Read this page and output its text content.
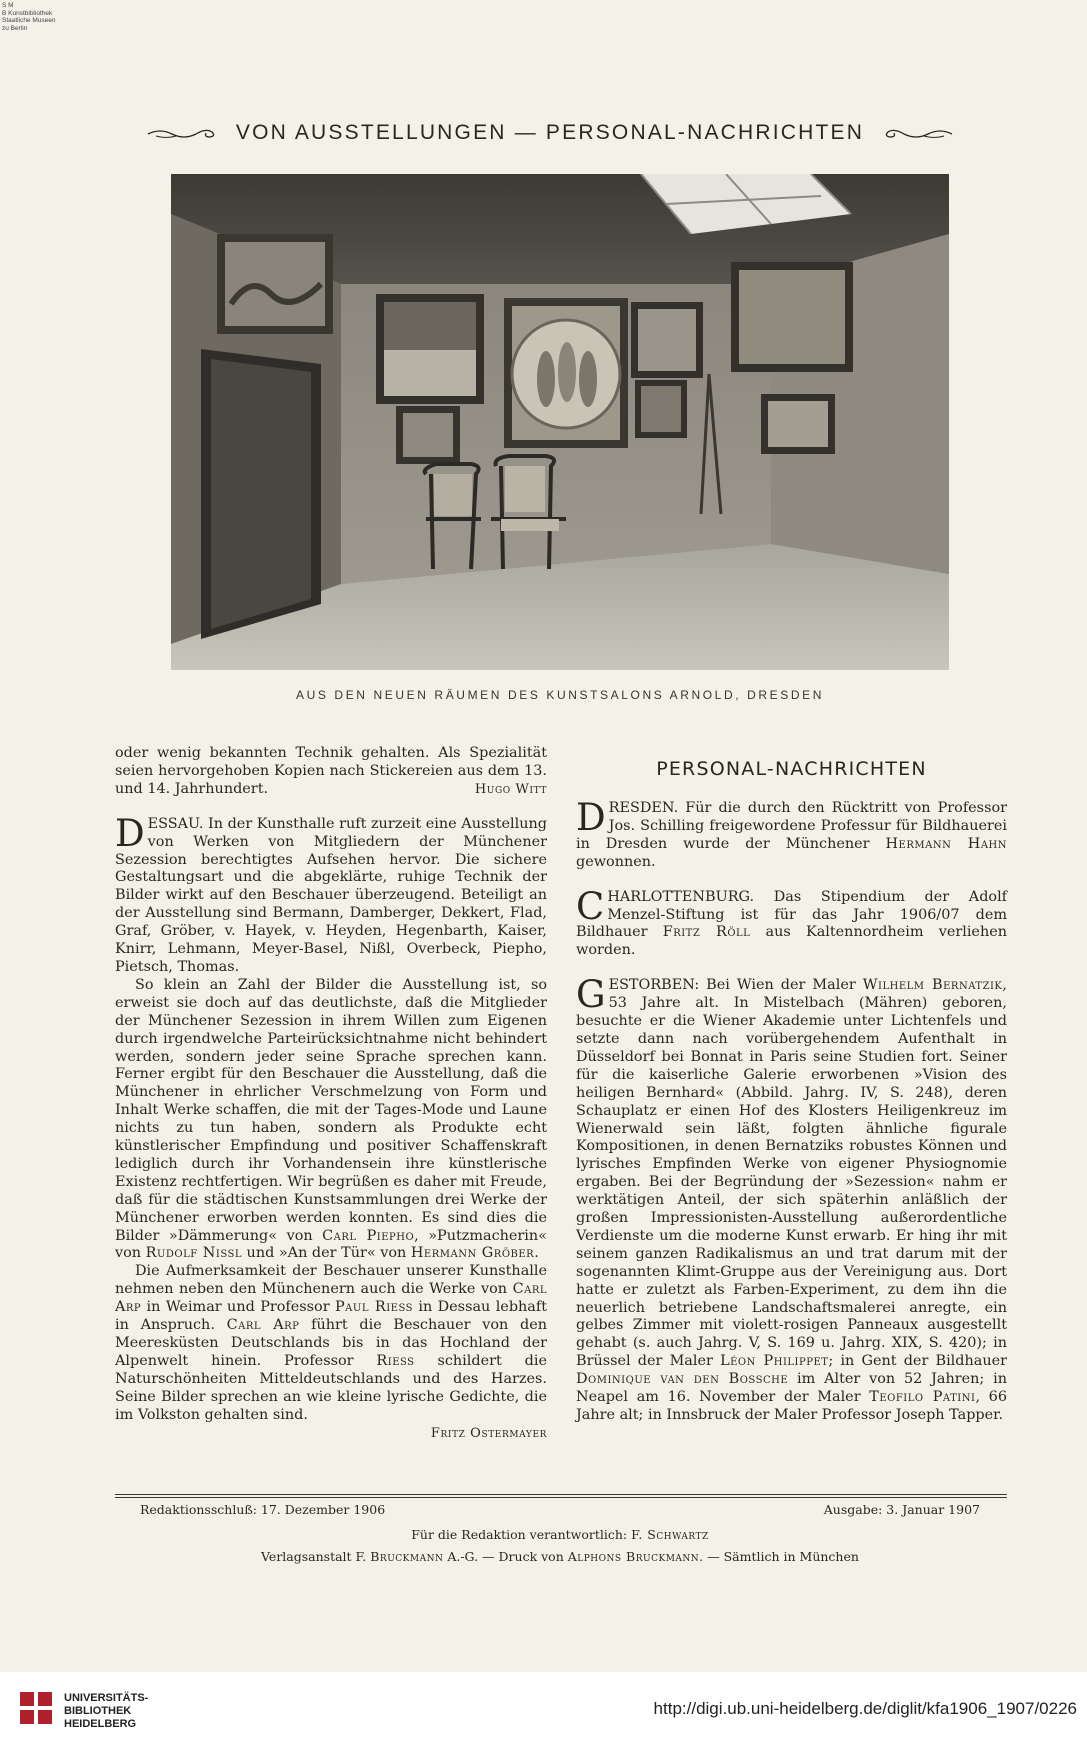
S M
B Kunstbibliothek
Staatliche Museen
zu Berlin
VON AUSSTELLUNGEN — PERSONAL-NACHRICHTEN
AUS DEN NEUEN RÄUMEN DES KUNSTSALONS ARNOLD, DRESDEN

oder wenig bekannten Technik gehalten. Als Spezialität seien hervorgehoben Kopien nach Stickereien aus dem 13. und 14. Jahrhundert.	Hugo Witt

DESSAU. In der Kunsthalle ruft zurzeit eine Ausstellung von Werken von Mitgliedern der Münchener Sezession berechtigtes Aufsehen hervor. Die sichere Gestaltungsart und die abgeklärte, ruhige Technik der Bilder wirkt auf den Beschauer überzeugend. Beteiligt an der Ausstellung sind Bermann, Damberger, Dekkert, Flad, Graf, Gröber, v. Hayek, v. Heyden, Hegenbarth, Kaiser, Knirr, Lehmann, Meyer-Basel, Nißl, Overbeck, Piepho, Pietsch, Thomas.

So klein an Zahl der Bilder die Ausstellung ist, so erweist sie doch auf das deutlichste, daß die Mitglieder der Münchener Sezession in ihrem Willen zum Eigenen durch irgendwelche Parteirücksichtnahme nicht behindert werden, sondern jeder seine Sprache sprechen kann. Ferner ergibt für den Beschauer die Ausstellung, daß die Münchener in ehrlicher Verschmelzung von Form und Inhalt Werke schaffen, die mit der Tages-Mode und Laune nichts zu tun haben, sondern als Produkte echt künstlerischer Empfindung und positiver Schaffenskraft lediglich durch ihr Vorhandensein ihre künstlerische Existenz rechtfertigen. Wir begrüßen es daher mit Freude, daß für die städtischen Kunstsammlungen drei Werke der Münchener erworben werden konnten. Es sind dies die Bilder »Dämmerung« von Carl Piepho, »Putzmacherin« von Rudolf Nissl und »An der Tür« von Hermann Gröber.

Die Aufmerksamkeit der Beschauer unserer Kunsthalle nehmen neben den Münchenern auch die Werke von Carl Arp in Weimar und Professor Paul Riess in Dessau lebhaft in Anspruch. Carl Arp führt die Beschauer von den Meeresküsten Deutschlands bis in das Hochland der Alpenwelt hinein. Professor Riess schildert die Naturschönheiten Mitteldeutschlands und des Harzes. Seine Bilder sprechen an wie kleine lyrische Gedichte, die im Volkston gehalten sind.

Fritz Ostermayer
PERSONAL-NACHRICHTEN

DRESDEN. Für die durch den Rücktritt von Professor Jos. Schilling freigewordene Professur für Bildhauerei in Dresden wurde der Münchener Hermann Hahn gewonnen.

CHARLOTTENBURG. Das Stipendium der Adolf Menzel-Stiftung ist für das Jahr 1906/07 dem Bildhauer Fritz Röll aus Kaltennordheim verliehen worden.

GESTORBEN: Bei Wien der Maler Wilhelm Bernatzik, 53 Jahre alt. In Mistelbach (Mähren) geboren, besuchte er die Wiener Akademie unter Lichtenfels und setzte dann nach vorübergehendem Aufenthalt in Düsseldorf bei Bonnat in Paris seine Studien fort. Seiner für die kaiserliche Galerie erworbenen »Vision des heiligen Bernhard« (Abbild. Jahrg. IV, S. 248), deren Schauplatz er einen Hof des Klosters Heiligenkreuz im Wienerwald sein läßt, folgten ähnliche figurale Kompositionen, in denen Bernatziks robustes Können und lyrisches Empfinden Werke von eigener Physiognomie ergaben. Bei der Begründung der »Sezession« nahm er werktätigen Anteil, der sich späterhin anläßlich der großen Impressionisten-Ausstellung außerordentliche Verdienste um die moderne Kunst erwarb. Er hing ihr mit seinem ganzen Radikalismus an und trat darum mit der sogenannten Klimt-Gruppe aus der Vereinigung aus. Dort hatte er zuletzt als Farben-Experiment, zu dem ihn die neuerlich betriebene Landschaftsmalerei anregte, ein gelbes Zimmer mit violett-rosigen Panneaux ausgestellt gehabt (s. auch Jahrg. V, S. 169 u. Jahrg. XIX, S. 420); in Brüssel der Maler Léon Philippet; in Gent der Bildhauer Dominique van den Bossche im Alter von 52 Jahren; in Neapel am 16. November der Maler Teofilo Patini, 66 Jahre alt; in Innsbruck der Maler Professor Joseph Tapper.

Redaktionsschluß: 17. Dezember 1906	Ausgabe: 3. Januar 1907
Für die Redaktion verantwortlich: F. Schwartz
Verlagsanstalt F. Bruckmann A.-G. — Druck von Alphons Bruckmann. — Sämtlich in München
UNIVERSITÄTS-
BIBLIOTHEK
HEIDELBERG
http://digi.ub.uni-heidelberg.de/diglit/kfa1906_1907/0226
